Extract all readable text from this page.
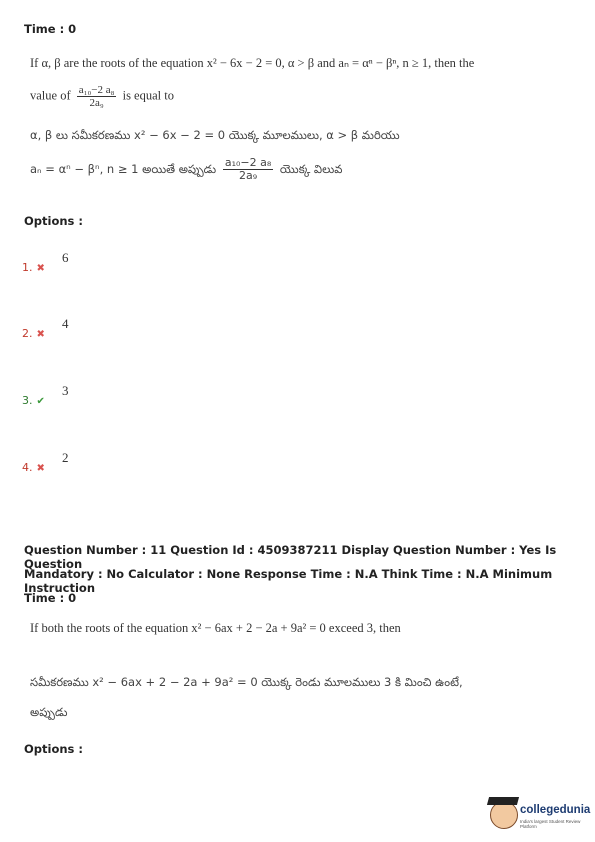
Time : 0
If α, β are the roots of the equation x² − 6x − 2 = 0, α > β and aₙ = αⁿ − βⁿ, n ≥ 1, then the
value of $\frac{\text{a₁₀−2 a₈}}{\text{2a₉}}$ is equal to
α, β లు సమీకరణము x² − 6x − 2 = 0 యొక్క మూలములు, α > β మరియు
aₙ = αⁿ − βⁿ, n ≥ 1 అయితే అప్పుడు $\frac{\text{a₁₀−2 a₈}}{\text{2a₉}}$ యొక్క విలువ
Options :
1. ✖
6
2. ✖
4
3. ✔
3
4. ✖
2
Question Number : 11 Question Id : 4509387211 Display Question Number : Yes Is Question
Mandatory : No Calculator : None Response Time : N.A Think Time : N.A Minimum Instruction
Time : 0
If both the roots of the equation x² − 6ax + 2 − 2a + 9a² = 0 exceed 3, then
సమీకరణము x² − 6ax + 2 − 2a + 9a² = 0 యొక్క రెండు మూలములు 3 కి మించి ఉంటే,
అప్పుడు
Options :
collegedunia
India's largest Student Review Platform
